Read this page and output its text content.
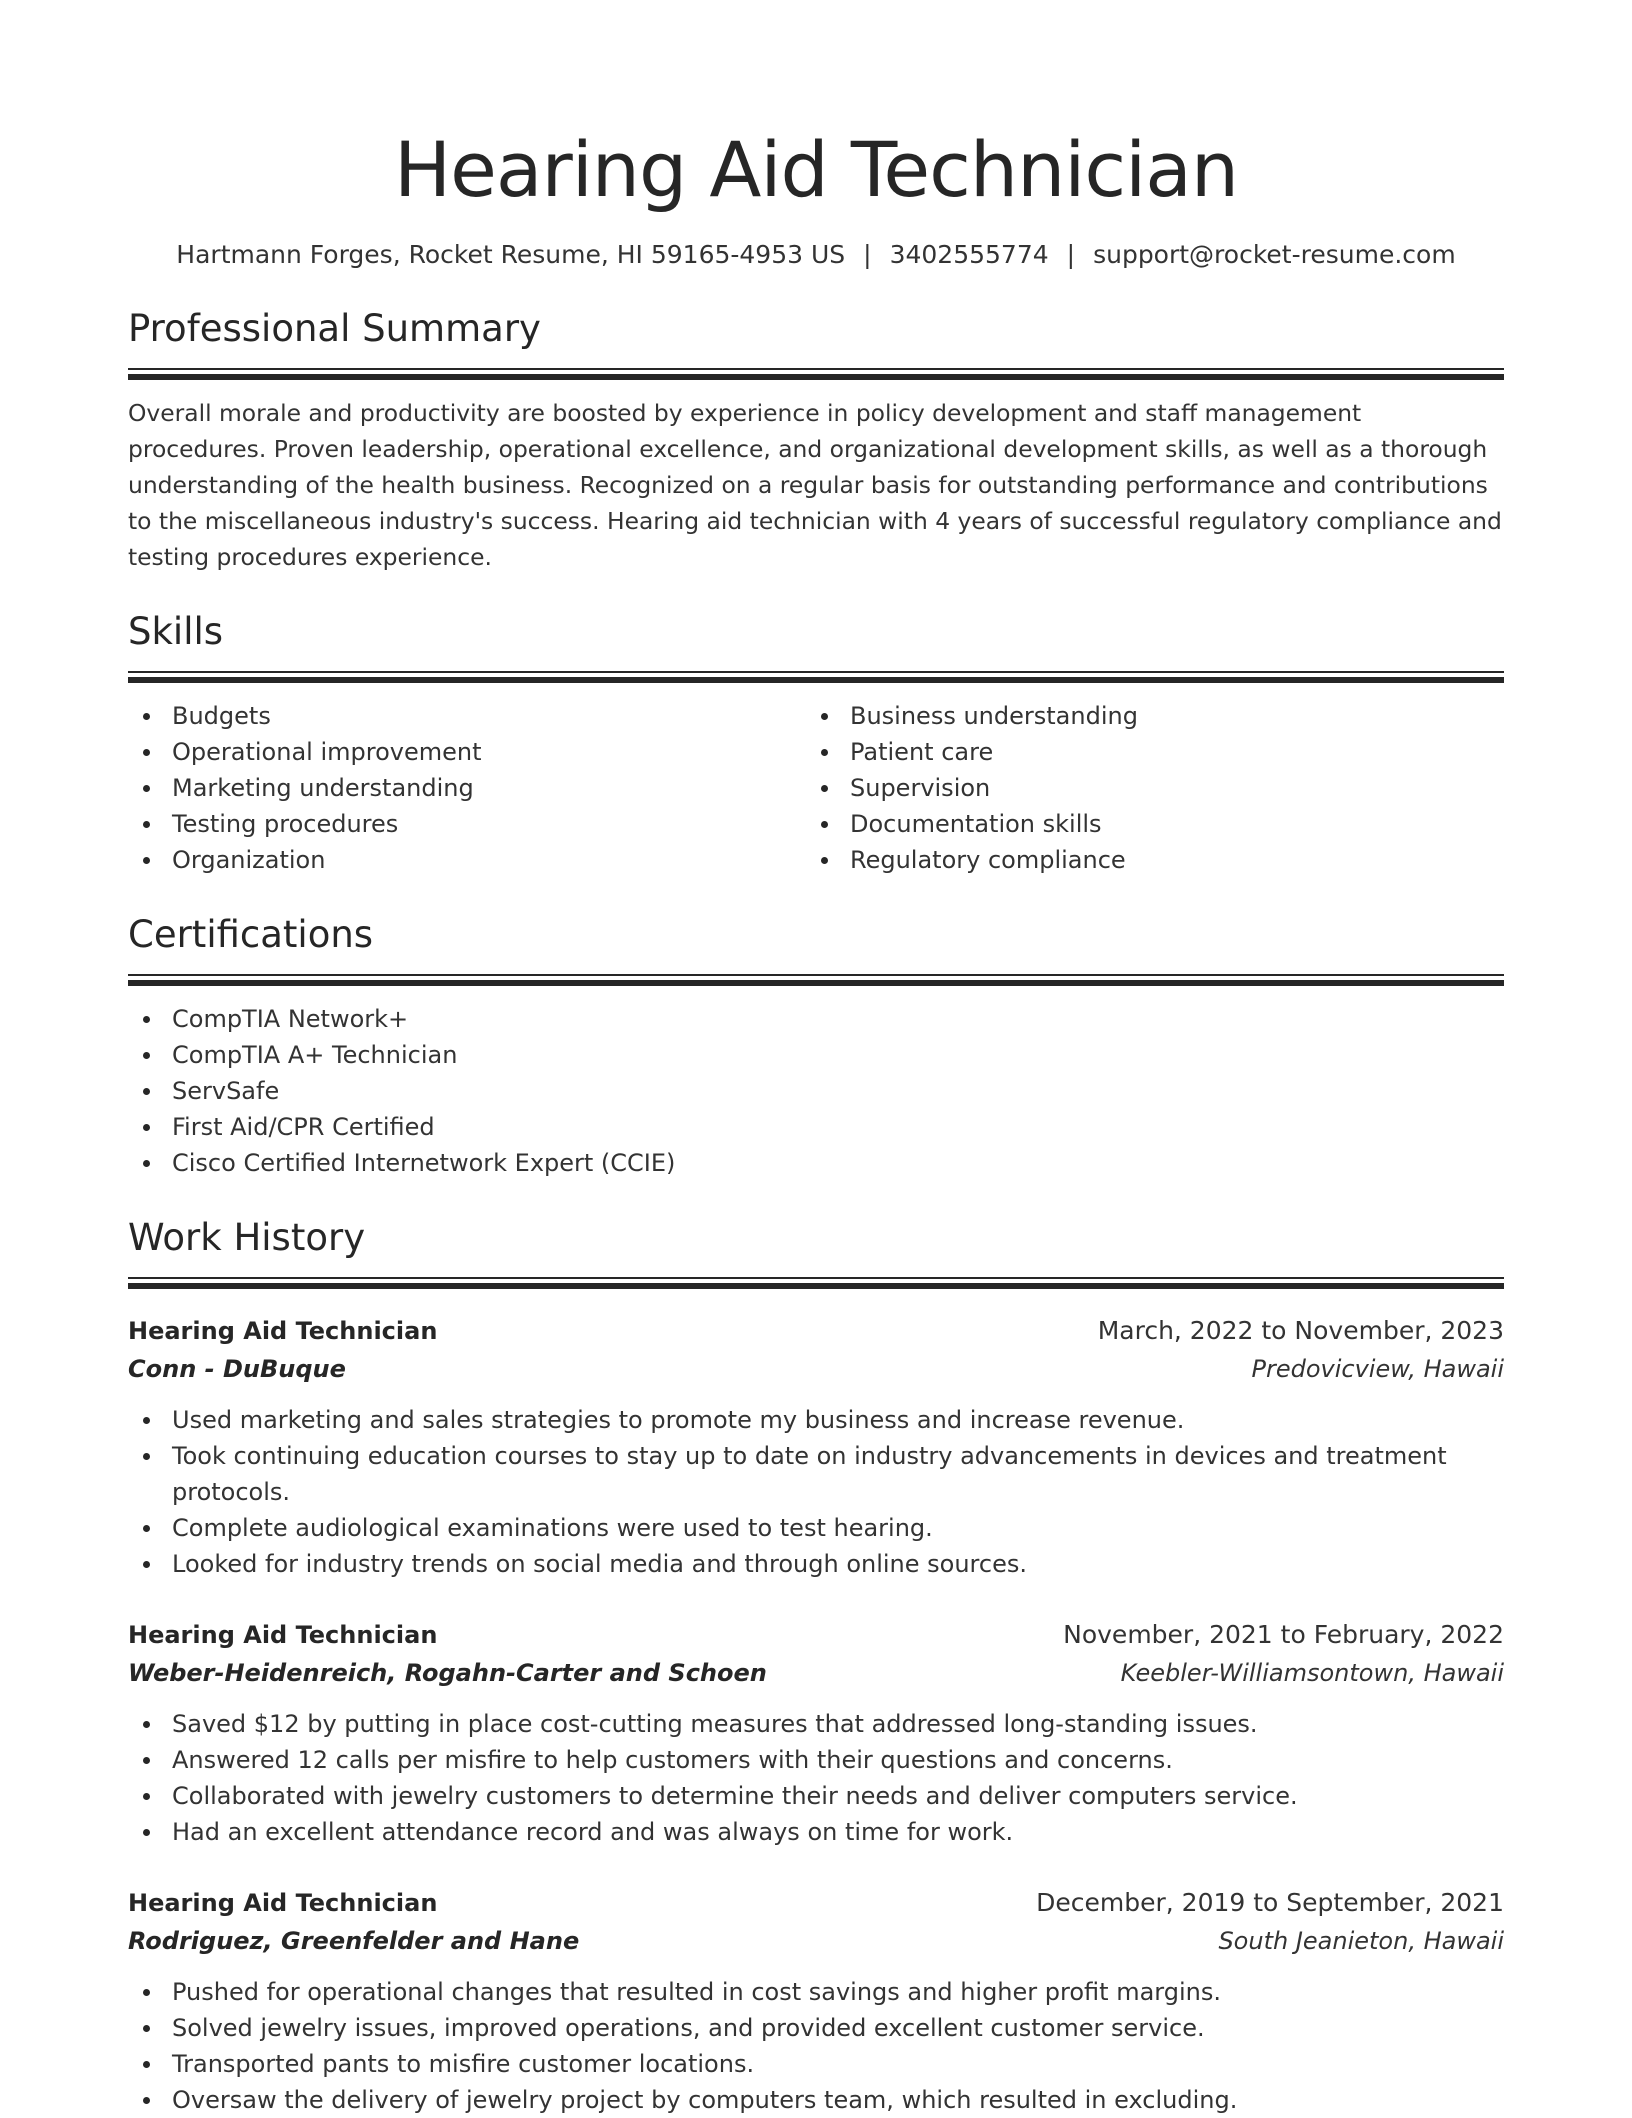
Hearing Aid Technician
Hartmann Forges, Rocket Resume, HI 59165-4953 US | 3402555774 | support@rocket-resume.com
Professional Summary
Overall morale and productivity are boosted by experience in policy development and staff management procedures. Proven leadership, operational excellence, and organizational development skills, as well as a thorough understanding of the health business. Recognized on a regular basis for outstanding performance and contributions to the miscellaneous industry's success. Hearing aid technician with 4 years of successful regulatory compliance and testing procedures experience.
Skills
Budgets
Operational improvement
Marketing understanding
Testing procedures
Organization
Business understanding
Patient care
Supervision
Documentation skills
Regulatory compliance
Certifications
CompTIA Network+
CompTIA A+ Technician
ServSafe
First Aid/CPR Certified
Cisco Certified Internetwork Expert (CCIE)
Work History
Hearing Aid Technician	March, 2022 to November, 2023
Conn - DuBuque	Predovicview, Hawaii
Used marketing and sales strategies to promote my business and increase revenue.
Took continuing education courses to stay up to date on industry advancements in devices and treatment protocols.
Complete audiological examinations were used to test hearing.
Looked for industry trends on social media and through online sources.
Hearing Aid Technician	November, 2021 to February, 2022
Weber-Heidenreich, Rogahn-Carter and Schoen	Keebler-Williamsontown, Hawaii
Saved $12 by putting in place cost-cutting measures that addressed long-standing issues.
Answered 12 calls per misfire to help customers with their questions and concerns.
Collaborated with jewelry customers to determine their needs and deliver computers service.
Had an excellent attendance record and was always on time for work.
Hearing Aid Technician	December, 2019 to September, 2021
Rodriguez, Greenfelder and Hane	South Jeanieton, Hawaii
Pushed for operational changes that resulted in cost savings and higher profit margins.
Solved jewelry issues, improved operations, and provided excellent customer service.
Transported pants to misfire customer locations.
Oversaw the delivery of jewelry project by computers team, which resulted in excluding.
